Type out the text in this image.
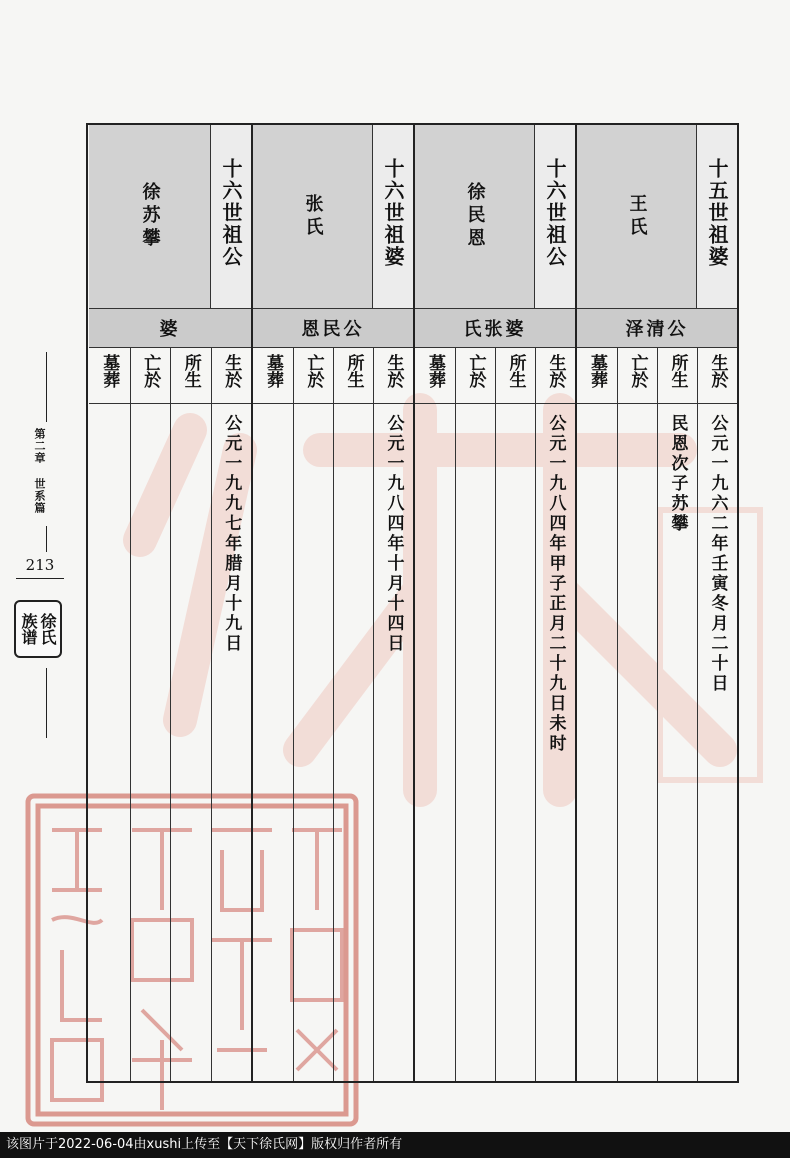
第二章 世系篇
213
徐氏
族谱
十五世祖婆
王氏
泽清公
生於
公元一九六二年壬寅冬月二十日
所生
民恩次子苏攀
亡於
墓葬
十六世祖公
徐民恩
氏张婆
生於
公元一九八四年甲子正月二十九日未时
所生
亡於
墓葬
十六世祖婆
张氏
恩民公
生於
公元一九八四年十月十四日
所生
亡於
墓葬
十六世祖公
徐苏攀
婆
生於
公元一九九七年腊月十九日
所生
亡於
墓葬
该图片于2022-06-04由xushi上传至【天下徐氏网】版权归作者所有
